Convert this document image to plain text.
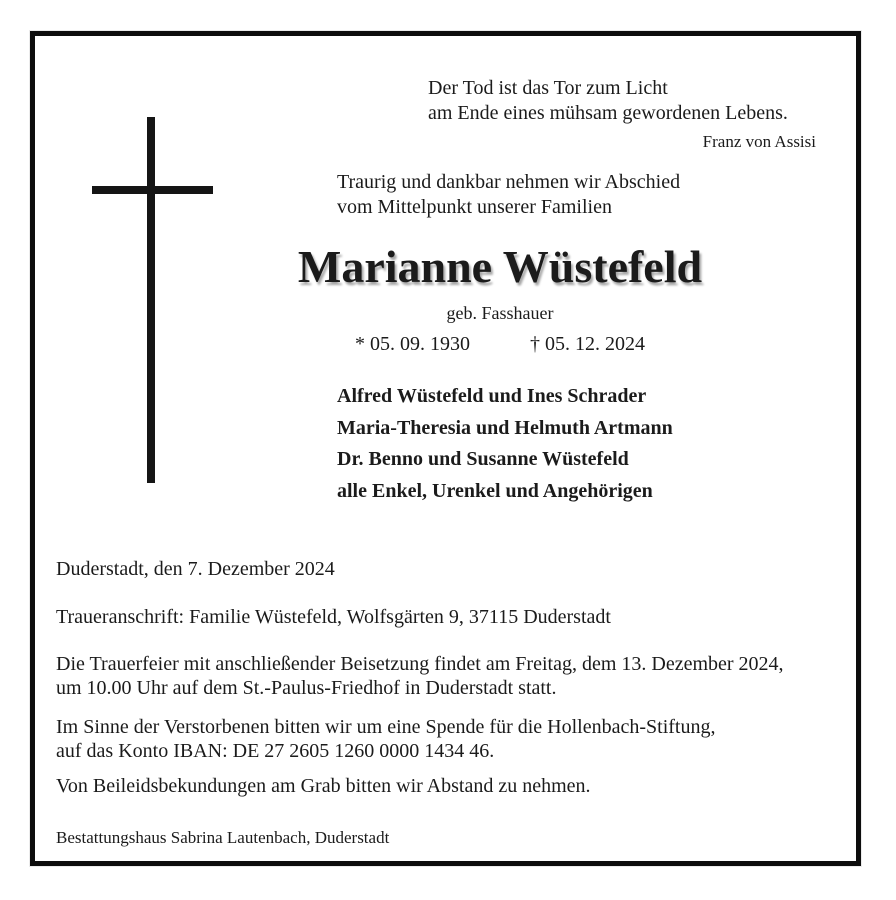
Der Tod ist das Tor zum Licht
am Ende eines mühsam gewordenen Lebens.
Franz von Assisi
Traurig und dankbar nehmen wir Abschied
vom Mittelpunkt unserer Familien
Marianne Wüstefeld
geb. Fasshauer
* 05. 09. 1930	† 05. 12. 2024
Alfred Wüstefeld und Ines Schrader
Maria-Theresia und Helmuth Artmann
Dr. Benno und Susanne Wüstefeld
alle Enkel, Urenkel und Angehörigen

Duderstadt, den 7. Dezember 2024

Traueranschrift: Familie Wüstefeld, Wolfsgärten 9, 37115 Duderstadt

Die Trauerfeier mit anschließender Beisetzung findet am Freitag, dem 13. Dezember 2024,
um 10.00 Uhr auf dem St.-Paulus-Friedhof in Duderstadt statt.

Im Sinne der Verstorbenen bitten wir um eine Spende für die Hollenbach-Stiftung,
auf das Konto IBAN: DE 27 2605 1260 0000 1434 46.

Von Beileidsbekundungen am Grab bitten wir Abstand zu nehmen.

Bestattungshaus Sabrina Lautenbach, Duderstadt
